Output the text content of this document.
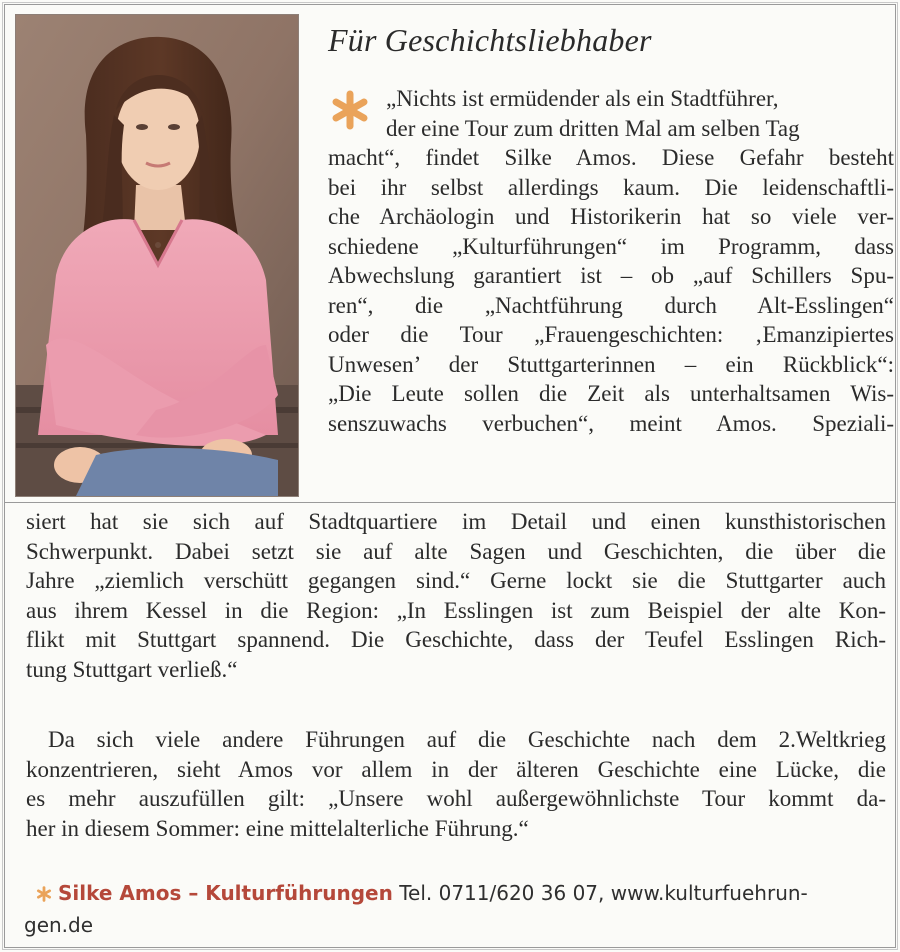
Für Geschichtsliebhaber
„Nichts ist ermüdender als ein Stadtführer,
der eine Tour zum dritten Mal am selben Tag
macht“, findet Silke Amos. Diese Gefahr besteht
bei ihr selbst allerdings kaum. Die leidenschaftli-
che Archäologin und Historikerin hat so viele ver-
schiedene „Kulturführungen“ im Programm, dass
Abwechslung garantiert ist – ob „auf Schillers Spu-
ren“, die „Nachtführung durch Alt-Esslingen“
oder die Tour „Frauengeschichten: ‚Emanzipiertes
Unwesen’ der Stuttgarterinnen – ein Rückblick“:
„Die Leute sollen die Zeit als unterhaltsamen Wis-
senszuwachs verbuchen“, meint Amos. Speziali-
siert hat sie sich auf Stadtquartiere im Detail und einen kunsthistorischen
Schwerpunkt. Dabei setzt sie auf alte Sagen und Geschichten, die über die
Jahre „ziemlich verschütt gegangen sind.“ Gerne lockt sie die Stuttgarter auch
aus ihrem Kessel in die Region: „In Esslingen ist zum Beispiel der alte Kon-
flikt mit Stuttgart spannend. Die Geschichte, dass der Teufel Esslingen Rich-
tung Stuttgart verließ.“
Da sich viele andere Führungen auf die Geschichte nach dem 2.Weltkrieg
konzentrieren, sieht Amos vor allem in der älteren Geschichte eine Lücke, die
es mehr auszufüllen gilt: „Unsere wohl außergewöhnlichste Tour kommt da-
her in diesem Sommer: eine mittelalterliche Führung.“
Silke Amos – Kulturführungen Tel. 0711/620 36 07, www.kulturfuehrun-
gen.de
